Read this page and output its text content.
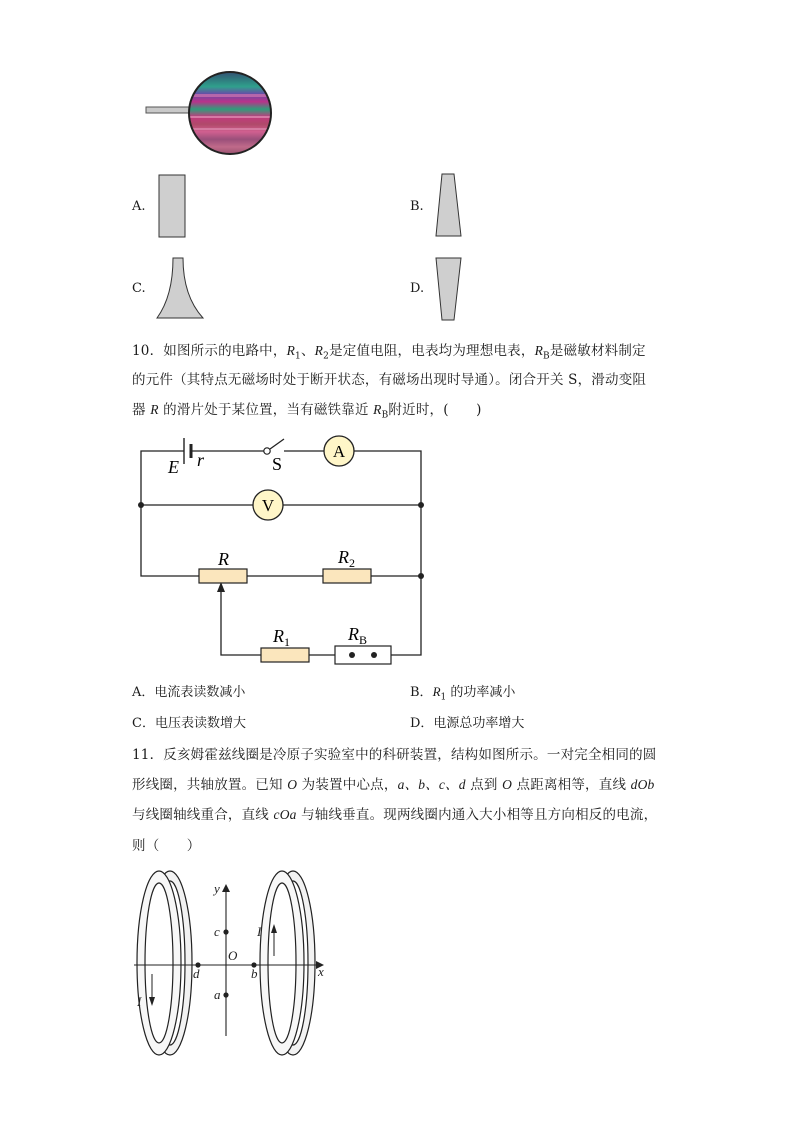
A.	B.
C.	D.
10．如图所示的电路中，$R_1$、$R_2$是定值电阻，电表均为理想电表，$R_B$是磁敏材料制定
的元件（其特点无磁场时处于断开状态，有磁场出现时导通）。闭合开关 S，滑动变阻
器 R 的滑片处于某位置，当有磁铁靠近 $R_B$附近时，(　　)
A
V
E r	S
R	$R_2$
$R_1$	$R_B$
A．电流表读数减小	B．$R_1$ 的功率减小
C．电压表读数增大	D．电源总功率增大
11．反亥姆霍兹线圈是冷原子实验室中的科研装置，结构如图所示。一对完全相同的圆
形线圈，共轴放置。已知 O 为装置中心点，a、b、c、d 点到 O 点距离相等，直线 dOb
与线圈轴线重合，直线 cOa 与轴线垂直。现两线圈内通入大小相等且方向相反的电流，
则（　　）
y
x
O
c
a
d	b
I
I
